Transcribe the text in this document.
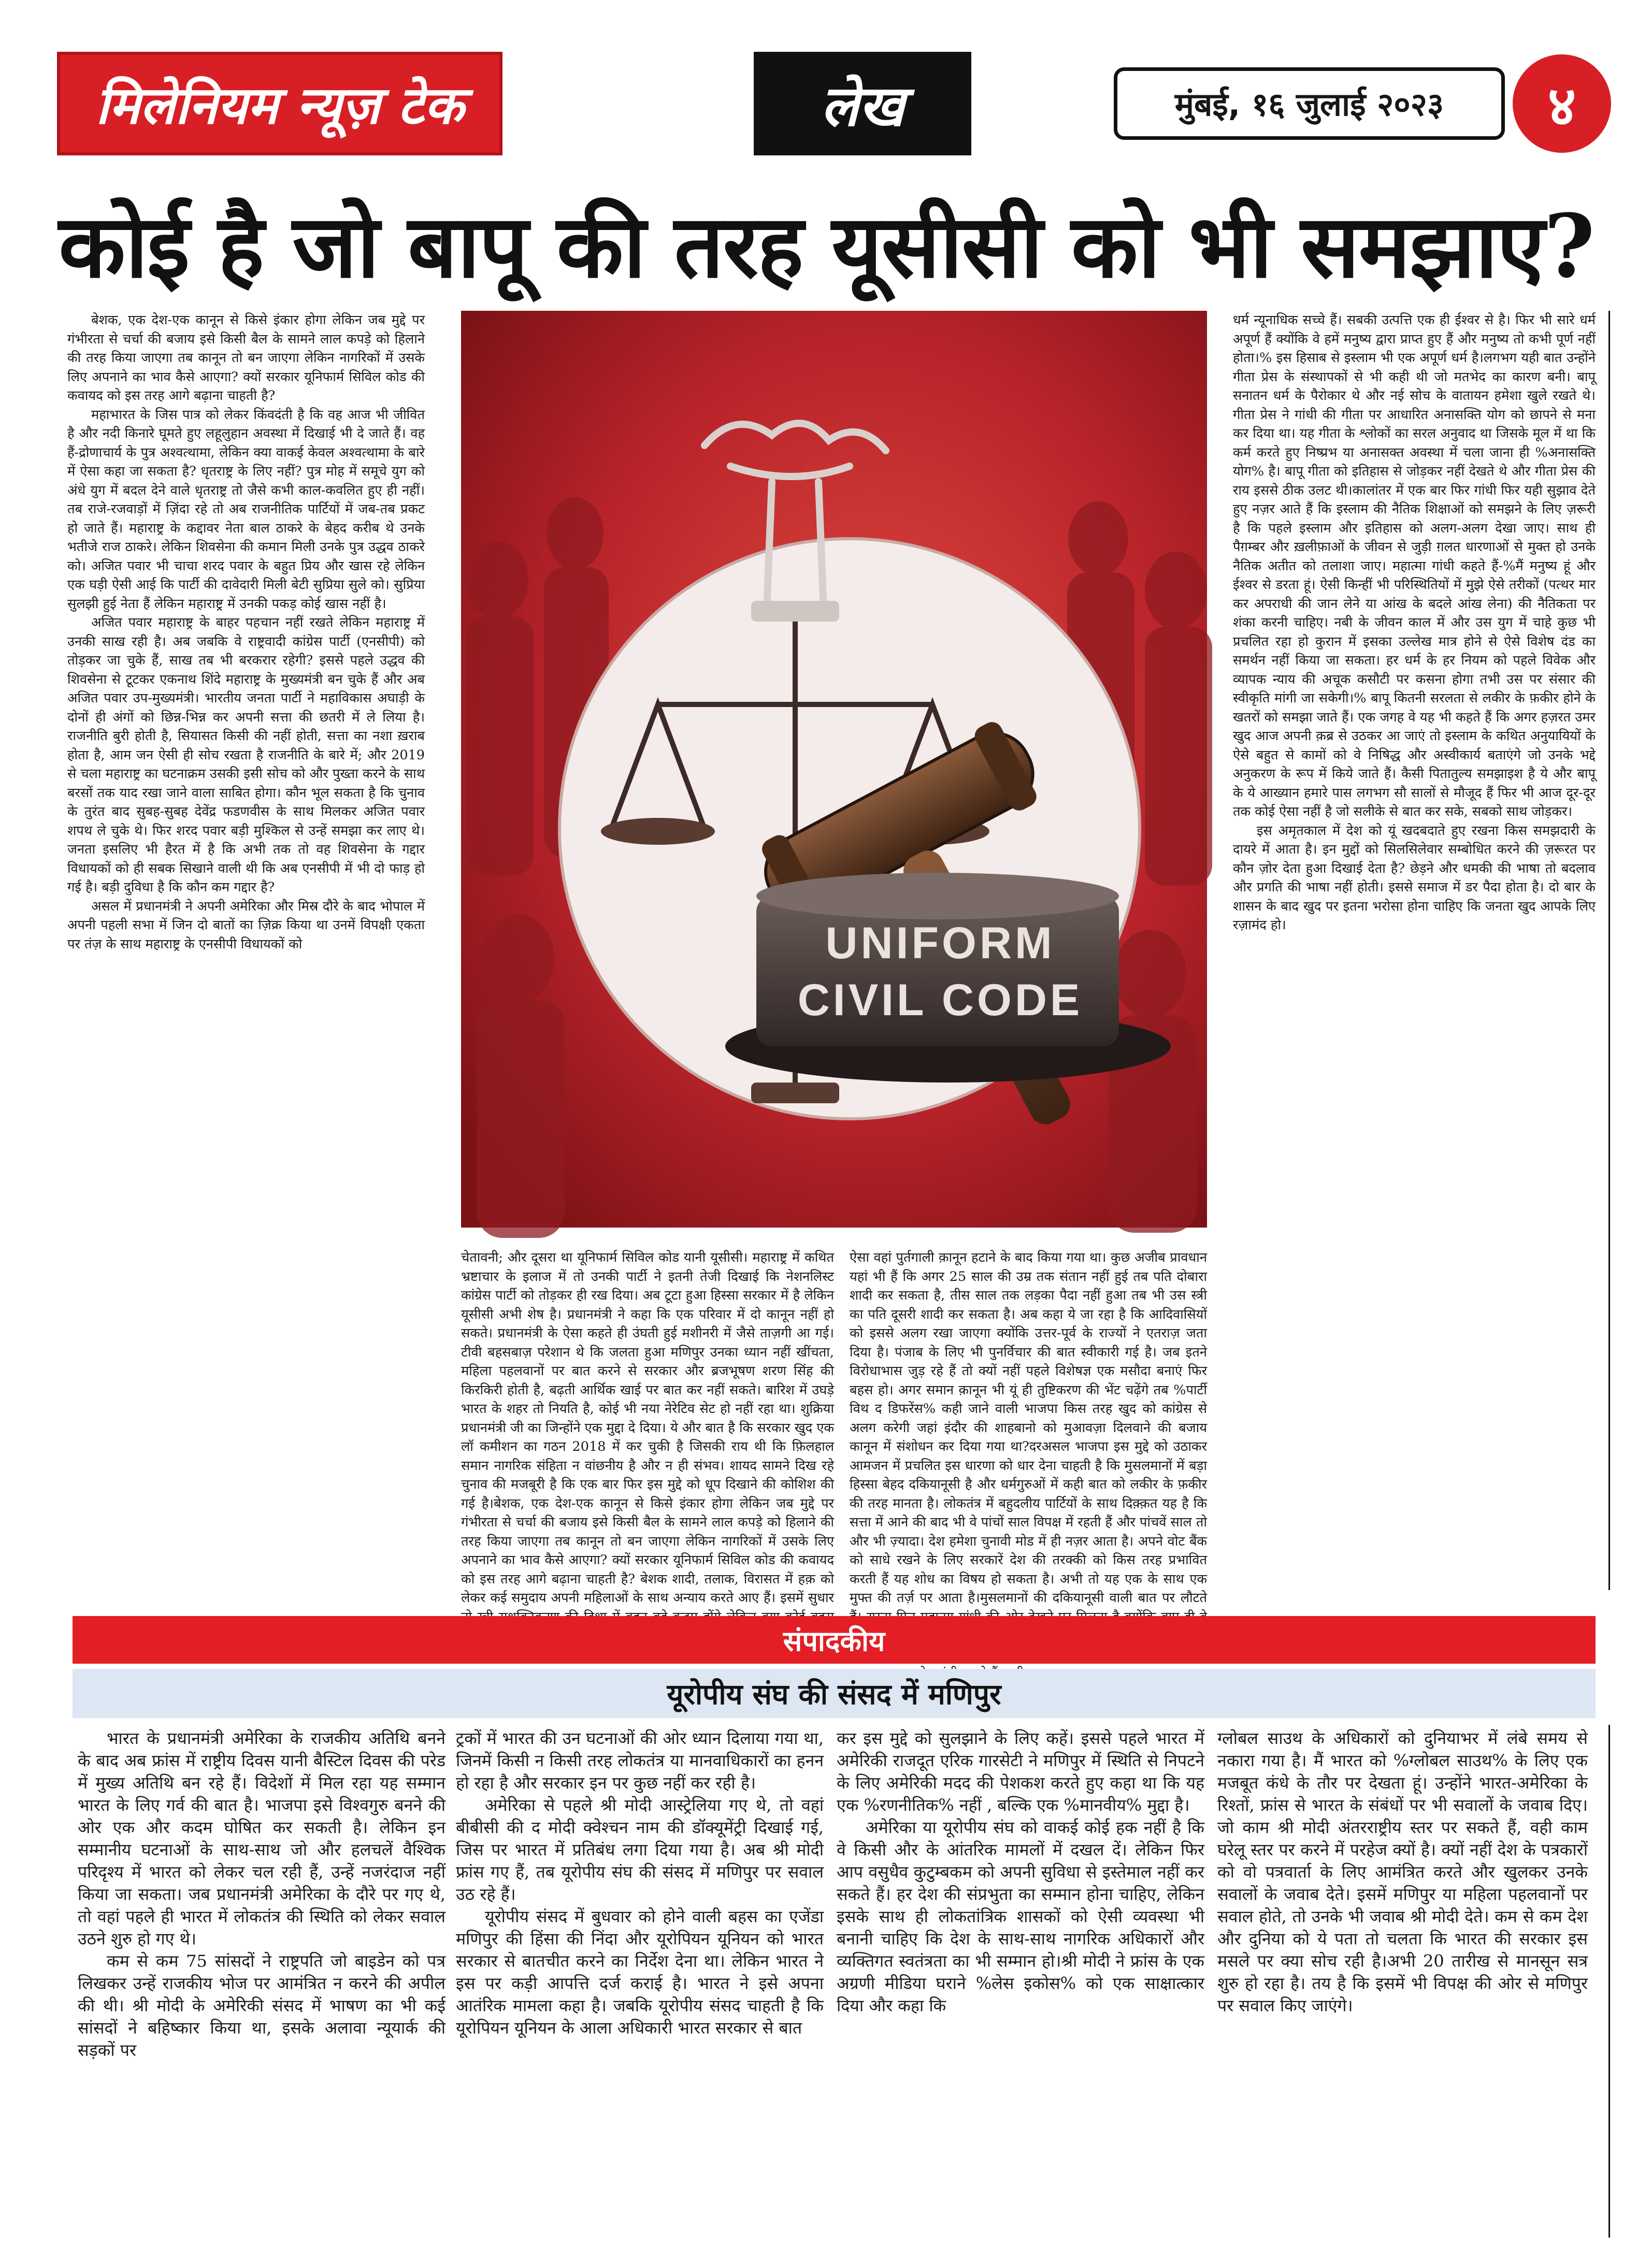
मिलेनियम न्यूज़ टेक	लेख	मुंबई, १६ जुलाई २०२३	४
कोई है जो बापू की तरह यूसीसी को भी समझाए?

बेशक, एक देश-एक कानून से किसे इंकार होगा लेकिन जब मुद्दे पर गंभीरता से चर्चा की बजाय इसे किसी बैल के सामने लाल कपड़े को हिलाने की तरह किया जाएगा तब कानून तो बन जाएगा लेकिन नागरिकों में उसके लिए अपनाने का भाव कैसे आएगा? क्यों सरकार यूनिफार्म सिविल कोड की कवायद को इस तरह आगे बढ़ाना चाहती है?

महाभारत के जिस पात्र को लेकर किंवदंती है कि वह आज भी जीवित है और नदी किनारे घूमते हुए लहूलुहान अवस्था में दिखाई भी दे जाते हैं। वह हैं-द्रोणाचार्य के पुत्र अश्वत्थामा, लेकिन क्या वाकई केवल अश्वत्थामा के बारे में ऐसा कहा जा सकता है? धृतराष्ट्र के लिए नहीं? पुत्र मोह में समूचे युग को अंधे युग में बदल देने वाले धृतराष्ट्र तो जैसे कभी काल-कवलित हुए ही नहीं। तब राजे-रजवाड़ों में ज़िंदा रहे तो अब राजनीतिक पार्टियों में जब-तब प्रकट हो जाते हैं। महाराष्ट्र के कद्दावर नेता बाल ठाकरे के बेहद करीब थे उनके भतीजे राज ठाकरे। लेकिन शिवसेना की कमान मिली उनके पुत्र उद्धव ठाकरे को। अजित पवार भी चाचा शरद पवार के बहुत प्रिय और खास रहे लेकिन एक घड़ी ऐसी आई कि पार्टी की दावेदारी मिली बेटी सुप्रिया सुले को। सुप्रिया सुलझी हुई नेता हैं लेकिन महाराष्ट्र में उनकी पकड़ कोई खास नहीं है।

अजित पवार महाराष्ट्र के बाहर पहचान नहीं रखते लेकिन महाराष्ट्र में उनकी साख रही है। अब जबकि वे राष्ट्रवादी कांग्रेस पार्टी (एनसीपी) को तोड़कर जा चुके हैं, साख तब भी बरकरार रहेगी? इससे पहले उद्धव की शिवसेना से टूटकर एकनाथ शिंदे महाराष्ट्र के मुख्यमंत्री बन चुके हैं और अब अजित पवार उप-मुख्यमंत्री। भारतीय जनता पार्टी ने महाविकास अघाड़ी के दोनों ही अंगों को छिन्न-भिन्न कर अपनी सत्ता की छतरी में ले लिया है। राजनीति बुरी होती है, सियासत किसी की नहीं होती, सत्ता का नशा ख़राब होता है, आम जन ऐसी ही सोच रखता है राजनीति के बारे में; और 2019 से चला महाराष्ट्र का घटनाक्रम उसकी इसी सोच को और पुख्ता करने के साथ बरसों तक याद रखा जाने वाला साबित होगा। कौन भूल सकता है कि चुनाव के तुरंत बाद सुबह-सुबह देवेंद्र फडणवीस के साथ मिलकर अजित पवार शपथ ले चुके थे। फिर शरद पवार बड़ी मुश्किल से उन्हें समझा कर लाए थे। जनता इसलिए भी हैरत में है कि अभी तक तो वह शिवसेना के गद्दार विधायकों को ही सबक सिखाने वाली थी कि अब एनसीपी में भी दो फाड़ हो गई है। बड़ी दुविधा है कि कौन कम गद्दार है?

असल में प्रधानमंत्री ने अपनी अमेरिका और मिस्र दौरे के बाद भोपाल में अपनी पहली सभा में जिन दो बातों का ज़िक्र किया था उनमें विपक्षी एकता पर तंज़ के साथ महाराष्ट्र के एनसीपी विधायकों को	UNIFORM
CIVIL CODE

चेतावनी; और दूसरा था यूनिफार्म सिविल कोड यानी यूसीसी। महाराष्ट्र में कथित भ्रष्टाचार के इलाज में तो उनकी पार्टी ने इतनी तेजी दिखाई कि नेशनलिस्ट कांग्रेस पार्टी को तोड़कर ही रख दिया। अब टूटा हुआ हिस्सा सरकार में है लेकिन यूसीसी अभी शेष है। प्रधानमंत्री ने कहा कि एक परिवार में दो कानून नहीं हो सकते। प्रधानमंत्री के ऐसा कहते ही उंघती हुई मशीनरी में जैसे ताज़गी आ गई। टीवी बहसबाज़ परेशान थे कि जलता हुआ मणिपुर उनका ध्यान नहीं खींचता, महिला पहलवानों पर बात करने से सरकार और ब्रजभूषण शरण सिंह की किरकिरी होती है, बढ़ती आर्थिक खाई पर बात कर नहीं सकते। बारिश में उघड़े भारत के शहर तो नियति है, कोई भी नया नेरेटिव सेट हो नहीं रहा था। शुक्रिया प्रधानमंत्री जी का जिन्होंने एक मुद्दा दे दिया। ये और बात है कि सरकार खुद एक लॉ कमीशन का गठन 2018 में कर चुकी है जिसकी राय थी कि फ़िलहाल समान नागरिक संहिता न वांछनीय है और न ही संभव। शायद सामने दिख रहे चुनाव की मजबूरी है कि एक बार फिर इस मुद्दे को धूप दिखाने की कोशिश की गई है।बेशक, एक देश-एक कानून से किसे इंकार होगा लेकिन जब मुद्दे पर गंभीरता से चर्चा की बजाय इसे किसी बैल के सामने लाल कपड़े को हिलाने की तरह किया जाएगा तब कानून तो बन जाएगा लेकिन नागरिकों में उसके लिए अपनाने का भाव कैसे आएगा? क्यों सरकार यूनिफार्म सिविल कोड की कवायद को इस तरह आगे बढ़ाना चाहती है? बेशक शादी, तलाक, विरासत में हक़ को लेकर कई समुदाय अपनी महिलाओं के साथ अन्याय करते आए हैं। इसमें सुधार

ऐसा वहां पुर्तगाली क़ानून हटाने के बाद किया गया था। कुछ अजीब प्रावधान यहां भी हैं कि अगर 25 साल की उम्र तक संतान नहीं हुई तब पति दोबारा शादी कर सकता है, तीस साल तक लड़का पैदा नहीं हुआ तब भी उस स्त्री का पति दूसरी शादी कर सकता है। अब कहा ये जा रहा है कि आदिवासियों को इससे अलग रखा जाएगा क्योंकि उत्तर-पूर्व के राज्यों ने एतराज़ जता दिया है। पंजाब के लिए भी पुनर्विचार की बात स्वीकारी गई है। जब इतने विरोधाभास जुड़ रहे हैं तो क्यों नहीं पहले विशेषज्ञ एक मसौदा बनाएं फिर बहस हो। अगर समान क़ानून भी यूं ही तुष्टिकरण की भेंट चढ़ेंगे तब %पार्टी विथ द डिफरेंस% कही जाने वाली भाजपा किस तरह खुद को कांग्रेस से अलग करेगी जहां इंदौर की शाहबानो को मुआवज़ा दिलवाने की बजाय कानून में संशोधन कर दिया गया था?दरअसल भाजपा इस मुद्दे को उठाकर आमजन में प्रचलित इस धारणा को धार देना चाहती है कि मुसलमानों में बड़ा हिस्सा बेहद दकियानूसी है और धर्मगुरुओं में कही बात को लकीर के फ़कीर की तरह मानता है। लोकतंत्र में बहुदलीय पार्टियों के साथ दिक़्क़त यह है कि सत्ता में आने की बाद भी वे पांचों साल विपक्ष में रहती हैं और पांचवें साल तो और भी ज़्यादा। देश हमेशा चुनावी मोड में ही नज़र आता है। अपने वोट बैंक को साधे रखने के लिए सरकारें देश की तरक्की को किस तरह प्रभावित करती हैं यह शोध का विषय हो सकता है। अभी तो यह एक के साथ एक मुफ्त की तर्ज़ पर आता है।मुसलमानों की दकियानूसी वाली बात पर लौटते

धर्म न्यूनाधिक सच्चे हैं। सबकी उत्पत्ति एक ही ईश्वर से है। फिर भी सारे धर्म अपूर्ण हैं क्योंकि वे हमें मनुष्य द्वारा प्राप्त हुए हैं और मनुष्य तो कभी पूर्ण नहीं होता।% इस हिसाब से इस्लाम भी एक अपूर्ण धर्म है।लगभग यही बात उन्होंने गीता प्रेस के संस्थापकों से भी कही थी जो मतभेद का कारण बनी। बापू सनातन धर्म के पैरोकार थे और नई सोच के वातायन हमेशा खुले रखते थे। गीता प्रेस ने गांधी की गीता पर आधारित अनासक्ति योग को छापने से मना कर दिया था। यह गीता के श्लोकों का सरल अनुवाद था जिसके मूल में था कि कर्म करते हुए निष्प्रभ या अनासक्त अवस्था में चला जाना ही %अनासक्ति योग% है। बापू गीता को इतिहास से जोड़कर नहीं देखते थे और गीता प्रेस की राय इससे ठीक उलट थी।कालांतर में एक बार फिर गांधी फिर यही सुझाव देते हुए नज़र आते हैं कि इस्लाम की नैतिक शिक्षाओं को समझने के लिए ज़रूरी है कि पहले इस्लाम और इतिहास को अलग-अलग देखा जाए। साथ ही पैग़म्बर और ख़लीफ़ाओं के जीवन से जुड़ी ग़लत धारणाओं से मुक्त हो उनके नैतिक अतीत को तलाशा जाए। महात्मा गांधी कहते हैं-%मैं मनुष्य हूं और ईश्वर से डरता हूं। ऐसी किन्हीं भी परिस्थितियों में मुझे ऐसे तरीकों (पत्थर मार कर अपराधी की जान लेने या आंख के बदले आंख लेना) की नैतिकता पर शंका करनी चाहिए। नबी के जीवन काल में और उस युग में चाहे कुछ भी प्रचलित रहा हो कुरान में इसका उल्लेख मात्र होने से ऐसे विशेष दंड का समर्थन नहीं किया जा सकता। हर धर्म के हर नियम को पहले विवेक और व्यापक न्याय की अचूक कसौटी पर कसना होगा तभी उस पर संसार की स्वीकृति मांगी जा सकेगी।% बापू कितनी सरलता से लकीर के फ़कीर होने के खतरों को समझा जाते हैं। एक जगह वे यह भी कहते हैं कि अगर हज़रत उमर खुद आज अपनी क़ब्र से उठकर आ जाएं तो इस्लाम के कथित अनुयायियों के ऐसे बहुत से कामों को वे निषिद्ध और अस्वीकार्य बताएंगे जो उनके भद्दे अनुकरण के रूप में किये जाते हैं। कैसी पितातुल्य समझाइश है ये और बापू के ये आख्यान हमारे पास लगभग सौ सालों से मौजूद हैं फिर भी आज दूर-दूर तक कोई ऐसा नहीं है जो सलीके से बात कर सके, सबको साथ जोड़कर।

इस अमृतकाल में देश को यूं खदबदाते हुए रखना किस समझदारी के दायरे में आता है। इन मुद्दों को सिलसिलेवार सम्बोधित करने की ज़रूरत पर कौन ज़ोर देता हुआ दिखाई देता है? छेड़ने और धमकी की भाषा तो बदलाव और प्रगति की भाषा नहीं होती। इससे समाज में डर पैदा होता है। दो बार के शासन के बाद खुद पर इतना भरोसा होना चाहिए कि जनता खुद आपके लिए रज़ामंद हो।

संपादकीय
यूरोपीय संघ की संसद में मणिपुर

भारत के प्रधानमंत्री अमेरिका के राजकीय अतिथि बनने के बाद अब फ्रांस में राष्ट्रीय दिवस यानी बैस्टिल दिवस की परेड में मुख्य अतिथि बन रहे हैं। विदेशों में मिल रहा यह सम्मान भारत के लिए गर्व की बात है। भाजपा इसे विश्वगुरु बनने की ओर एक और कदम घोषित कर सकती है। लेकिन इन सम्मानीय घटनाओं के साथ-साथ जो और हलचलें वैश्विक परिदृश्य में भारत को लेकर चल रही हैं, उन्हें नजरंदाज नहीं किया जा सकता। जब प्रधानमंत्री अमेरिका के दौरे पर गए थे, तो वहां पहले ही भारत में लोकतंत्र की स्थिति को लेकर सवाल उठने शुरु हो गए थे।

कम से कम 75 सांसदों ने राष्ट्रपति जो बाइडेन को पत्र लिखकर उन्हें राजकीय भोज पर आमंत्रित न करने की अपील की थी। श्री मोदी के अमेरिकी संसद में भाषण का भी कई सांसदों ने बहिष्कार किया था, इसके अलावा न्यूयार्क की सड़कों पर

ट्रकों में भारत की उन घटनाओं की ओर ध्यान दिलाया गया था, जिनमें किसी न किसी तरह लोकतंत्र या मानवाधिकारों का हनन हो रहा है और सरकार इन पर कुछ नहीं कर रही है।

अमेरिका से पहले श्री मोदी आस्ट्रेलिया गए थे, तो वहां बीबीसी की द मोदी क्वेश्चन नाम की डॉक्यूमेंट्री दिखाई गई, जिस पर भारत में प्रतिबंध लगा दिया गया है। अब श्री मोदी फ्रांस गए हैं, तब यूरोपीय संघ की संसद में मणिपुर पर सवाल उठ रहे हैं।

यूरोपीय संसद में बुधवार को होने वाली बहस का एजेंडा मणिपुर की हिंसा की निंदा और यूरोपियन यूनियन को भारत सरकार से बातचीत करने का निर्देश देना था। लेकिन भारत ने इस पर कड़ी आपत्ति दर्ज कराई है। भारत ने इसे अपना आतंरिक मामला कहा है। जबकि यूरोपीय संसद चाहती है कि यूरोपियन यूनियन के आला अधिकारी भारत सरकार से बात

कर इस मुद्दे को सुलझाने के लिए कहें। इससे पहले भारत में अमेरिकी राजदूत एरिक गारसेटी ने मणिपुर में स्थिति से निपटने के लिए अमेरिकी मदद की पेशकश करते हुए कहा था कि यह एक %रणनीतिक% नहीं , बल्कि एक %मानवीय% मुद्दा है।

अमेरिका या यूरोपीय संघ को वाकई कोई हक नहीं है कि वे किसी और के आंतरिक मामलों में दखल दें। लेकिन फिर आप वसुधैव कुटुम्बकम को अपनी सुविधा से इस्तेमाल नहीं कर सकते हैं। हर देश की संप्रभुता का सम्मान होना चाहिए, लेकिन इसके साथ ही लोकतांत्रिक शासकों को ऐसी व्यवस्था भी बनानी चाहिए कि देश के साथ-साथ नागरिक अधिकारों और व्यक्तिगत स्वतंत्रता का भी सम्मान हो।श्री मोदी ने फ्रांस के एक अग्रणी मीडिया घराने %लेस इकोस% को एक साक्षात्कार दिया और कहा कि

ग्लोबल साउथ के अधिकारों को दुनियाभर में लंबे समय से नकारा गया है। मैं भारत को %ग्लोबल साउथ% के लिए एक मजबूत कंधे के तौर पर देखता हूं। उन्होंने भारत-अमेरिका के रिश्तों, फ्रांस से भारत के संबंधों पर भी सवालों के जवाब दिए। जो काम श्री मोदी अंतरराष्ट्रीय स्तर पर सकते हैं, वही काम घरेलू स्तर पर करने में परहेज क्यों है। क्यों नहीं देश के पत्रकारों को वो पत्रवार्ता के लिए आमंत्रित करते और खुलकर उनके सवालों के जवाब देते। इसमें मणिपुर या महिला पहलवानों पर सवाल होते, तो उनके भी जवाब श्री मोदी देते। कम से कम देश और दुनिया को ये पता तो चलता कि भारत की सरकार इस मसले पर क्या सोच रही है।अभी 20 तारीख से मानसून सत्र शुरु हो रहा है। तय है कि इसमें भी विपक्ष की ओर से मणिपुर पर सवाल किए जाएंगे।
